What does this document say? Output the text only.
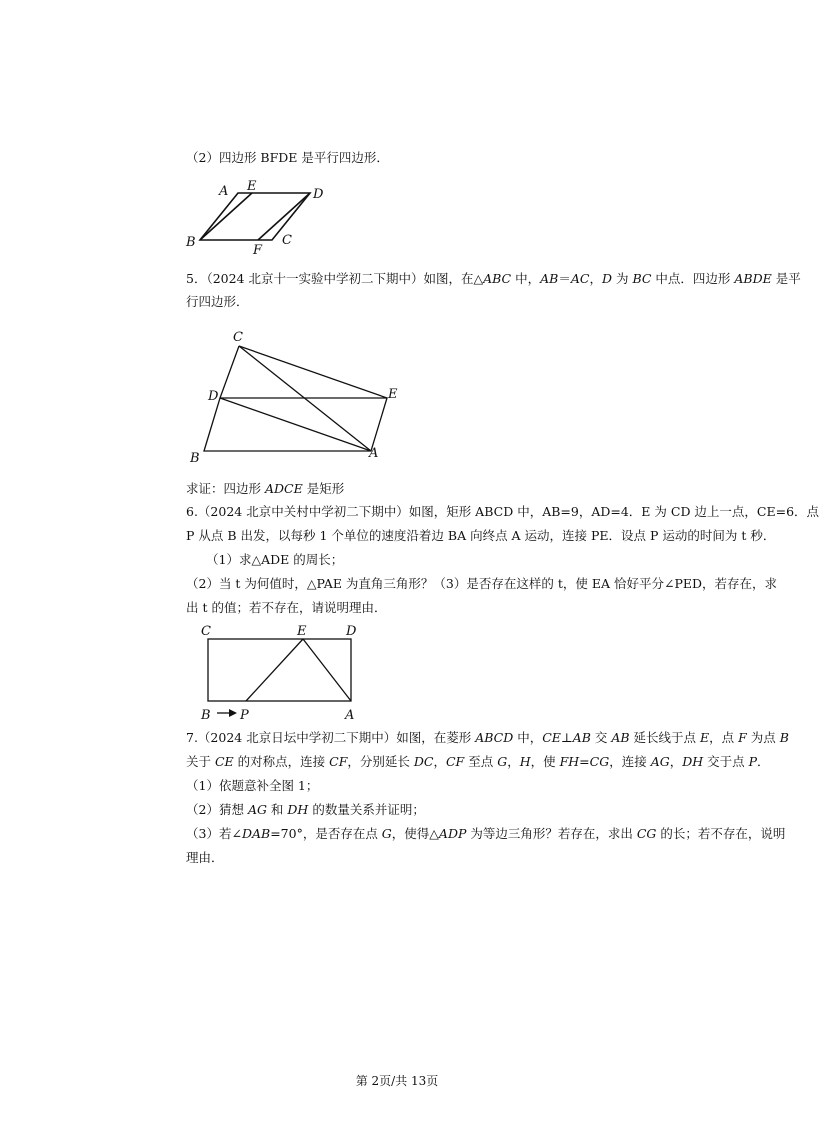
（2）四边形 BFDE 是平行四边形．
A E
D
B
F
C
C
D	E
B	A
C	E	D
B P	A
5．（2024 北京十一实验中学初二下期中）如图，在△ABC 中，AB＝AC，D 为 BC 中点．四边形 ABDE 是平
行四边形．
求证：四边形 ADCE 是矩形
6.（2024 北京中关村中学初二下期中）如图，矩形 ABCD 中，AB=9，AD=4．E 为 CD 边上一点，CE=6．点
P 从点 B 出发，以每秒 1 个单位的速度沿着边 BA 向终点 A 运动，连接 PE．设点 P 运动的时间为 t 秒．
（1）求△ADE 的周长；
（2）当 t 为何值时，△PAE 为直角三角形？（3）是否存在这样的 t，使 EA 恰好平分∠PED，若存在，求
出 t 的值；若不存在，请说明理由．
7.（2024 北京日坛中学初二下期中）如图，在菱形 ABCD 中，CE⊥AB 交 AB 延长线于点 E，点 F 为点 B
关于 CE 的对称点，连接 CF，分别延长 DC，CF 至点 G，H，使 FH=CG，连接 AG，DH 交于点 P．
（1）依题意补全图 1；
（2）猜想 AG 和 DH 的数量关系并证明；
（3）若∠DAB=70°，是否存在点 G，使得△ADP 为等边三角形？若存在，求出 CG 的长；若不存在，说明
理由．
第 2页/共 13页
